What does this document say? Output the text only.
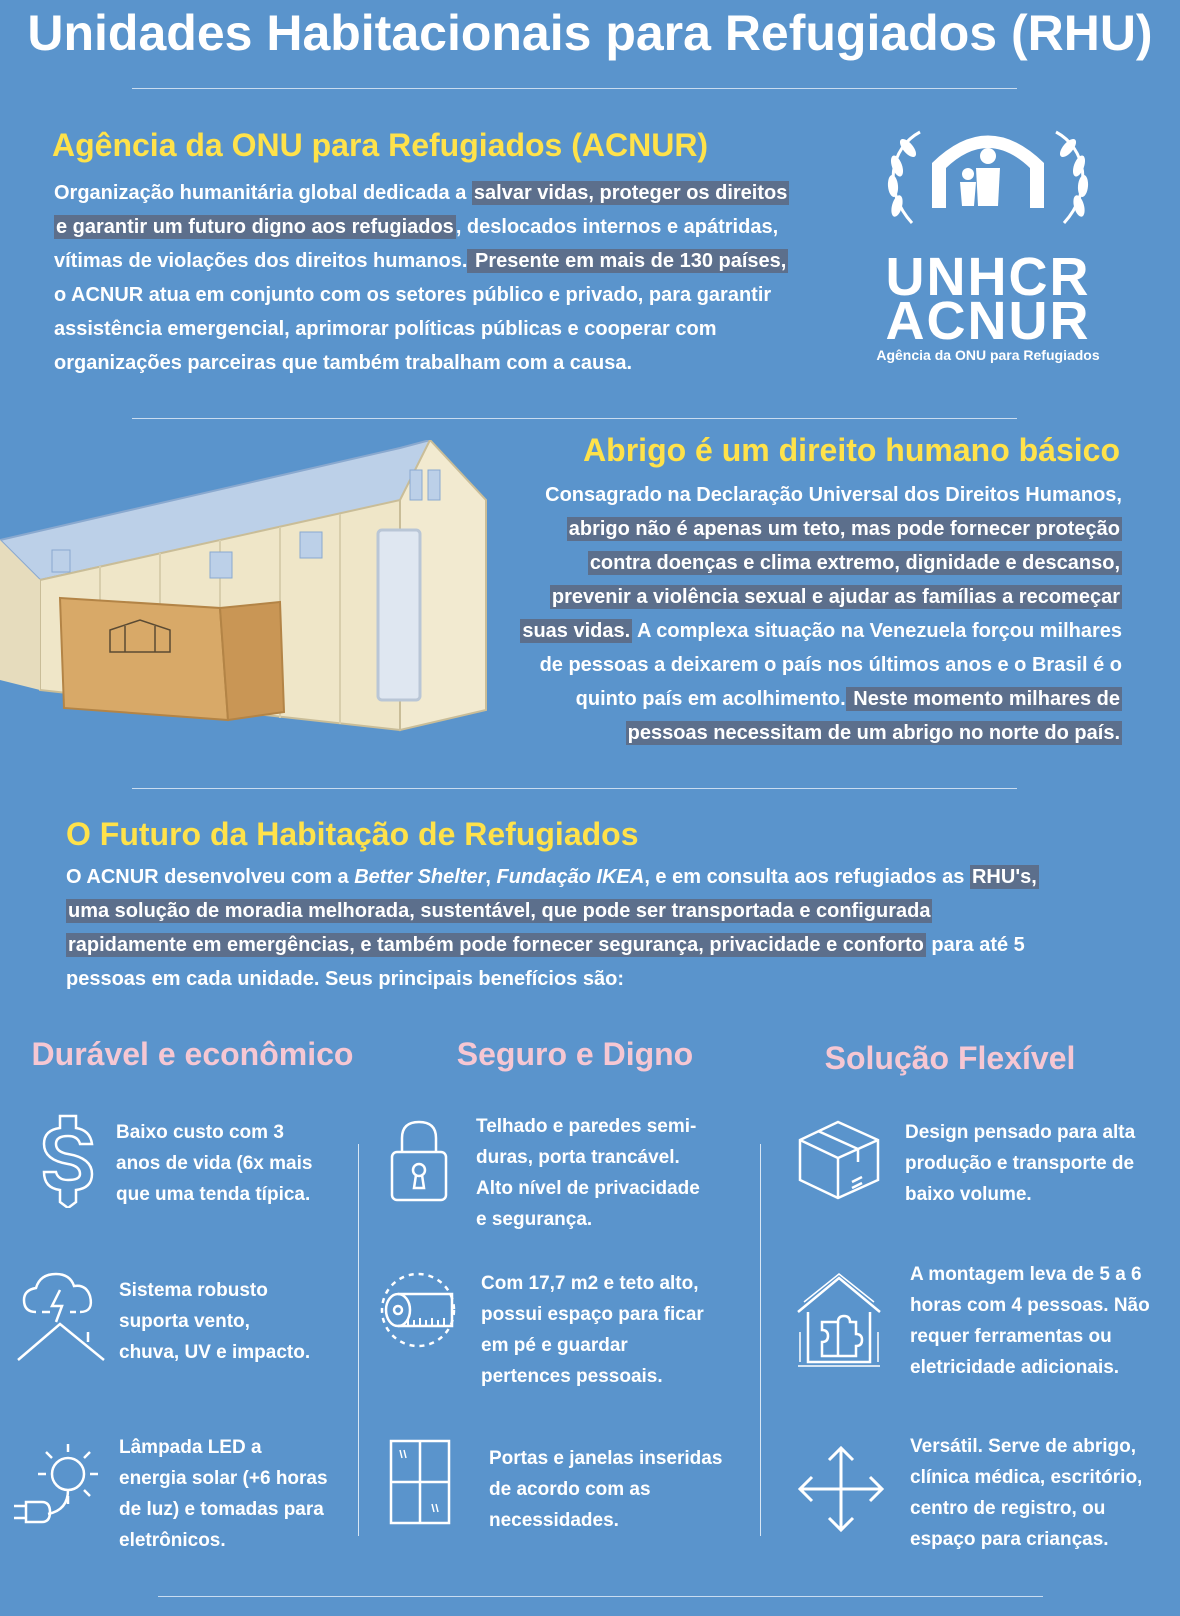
Unidades Habitacionais para Refugiados (RHU)
Agência da ONU para Refugiados (ACNUR)
Organização humanitária global dedicada a salvar vidas, proteger os direitos
e garantir um futuro digno aos refugiados , deslocados internos e apátridas,
vítimas de violações dos direitos humanos. Presente em mais de 130 países,
o ACNUR atua em conjunto com os setores público e privado, para garantir
assistência emergencial, aprimorar políticas públicas e cooperar com
organizações parceiras que também trabalham com a causa.
UNHCR
ACNUR
Agência da ONU para Refugiados
Abrigo é um direito humano básico
Consagrado na Declaração Universal dos Direitos Humanos,
abrigo não é apenas um teto, mas pode fornecer proteção
contra doenças e clima extremo, dignidade e descanso,
prevenir a violência sexual e ajudar as famílias a recomeçar
suas vidas. A complexa situação na Venezuela forçou milhares
de pessoas a deixarem o país nos últimos anos e o Brasil é o
quinto país em acolhimento. Neste momento milhares de
pessoas necessitam de um abrigo no norte do país.
O Futuro da Habitação de Refugiados
O ACNUR desenvolveu com a Better Shelter, Fundação IKEA, e em consulta aos refugiados as RHU's,
uma solução de moradia melhorada, sustentável, que pode ser transportada e configurada
rapidamente em emergências, e também pode fornecer segurança, privacidade e conforto para até 5
pessoas em cada unidade. Seus principais benefícios são:
Durável e econômico	Seguro e Digno	Solução Flexível
Baixo custo com 3
anos de vida (6x mais
que uma tenda típica.
Sistema robusto
suporta vento,
chuva, UV e impacto.
Lâmpada LED a
energia solar (+6 horas
de luz) e tomadas para
eletrônicos.
Telhado e paredes semi-
duras, porta trancável.
Alto nível de privacidade
e segurança.
Com 17,7 m2 e teto alto,
possui espaço para ficar
em pé e guardar
pertences pessoais.
Portas e janelas inseridas
de acordo com as
necessidades.
Design pensado para alta
produção e transporte de
baixo volume.
A montagem leva de 5 a 6
horas com 4 pessoas. Não
requer ferramentas ou
eletricidade adicionais.
Versátil. Serve de abrigo,
clínica médica, escritório,
centro de registro, ou
espaço para crianças.
